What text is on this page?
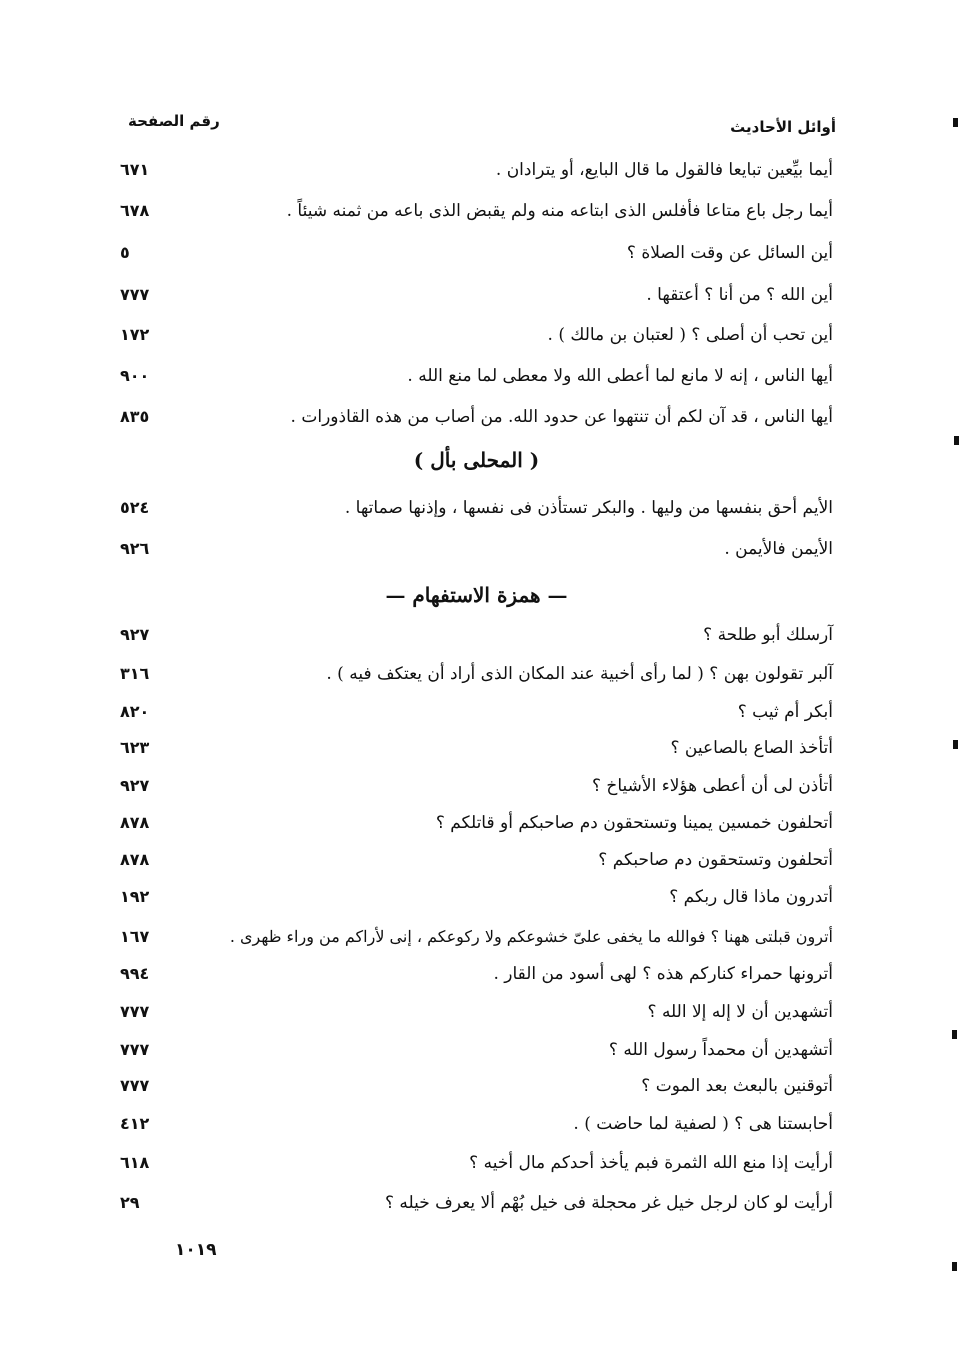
أوائل الأحاديث
رقم الصفحة
أيما بيِّعين تبايعا فالقول ما قال البايع، أو يترادان .
٦٧١
أيما رجل باع متاعا فأفلس الذى ابتاعه منه ولم يقبض الذى باعه من ثمنه شيئاً .
٦٧٨
أين السائل عن وقت الصلاة ؟
٥
أين الله ؟ من أنا ؟ أعتقها .
٧٧٧
أين تحب أن أصلى ؟ ( لعتبان بن مالك ) .
١٧٢
أيها الناس ، إنه لا مانع لما أعطى الله ولا معطى لما منع الله .
٩٠٠
أيها الناس ، قد آن لكم أن تنتهوا عن حدود الله. من أصاب من هذه القاذورات .
٨٣٥
( المحلى بأل )
الأيم أحق بنفسها من وليها . والبكر تستأذن فى نفسها ، وإذنها صماتها .
٥٢٤
الأيمن فالأيمن .
٩٢٦
— همزة الاستفهام —
آرسلك أبو طلحة ؟
٩٢٧
آلبر تقولون بهن ؟ ( لما رأى أخبية عند المكان الذى أراد أن يعتكف فيه ) .
٣١٦
أبكر أم ثيب ؟
٨٢٠
أتأخذ الصاع بالصاعين ؟
٦٢٣
أتأذن لى أن أعطى هؤلاء الأشياخ ؟
٩٢٧
أتحلفون خمسين يمينا وتستحقون دم صاحبكم أو قاتلكم ؟
٨٧٨
أتحلفون وتستحقون دم صاحبكم ؟
٨٧٨
أتدرون ماذا قال ربكم ؟
١٩٢
أترون قبلتى ههنا ؟ فوالله ما يخفى علىّ خشوعكم ولا ركوعكم ، إنى لأراكم من وراء ظهرى .
١٦٧
أترونها حمراء كناركم هذه ؟ لهى أسود من القار .
٩٩٤
أتشهدين أن لا إله إلا الله ؟
٧٧٧
أتشهدين أن محمداً رسول الله ؟
٧٧٧
أتوقنين بالبعث بعد الموت ؟
٧٧٧
أحابستنا هى ؟ ( لصفية لما حاضت ) .
٤١٢
أرأيت إذا منع الله الثمرة فبم يأخذ أحدكم مال أخيه ؟
٦١٨
أرأيت لو كان لرجل خيل غر محجلة فى خيل بُهْم ألا يعرف خيله ؟
٢٩
١٠١٩
